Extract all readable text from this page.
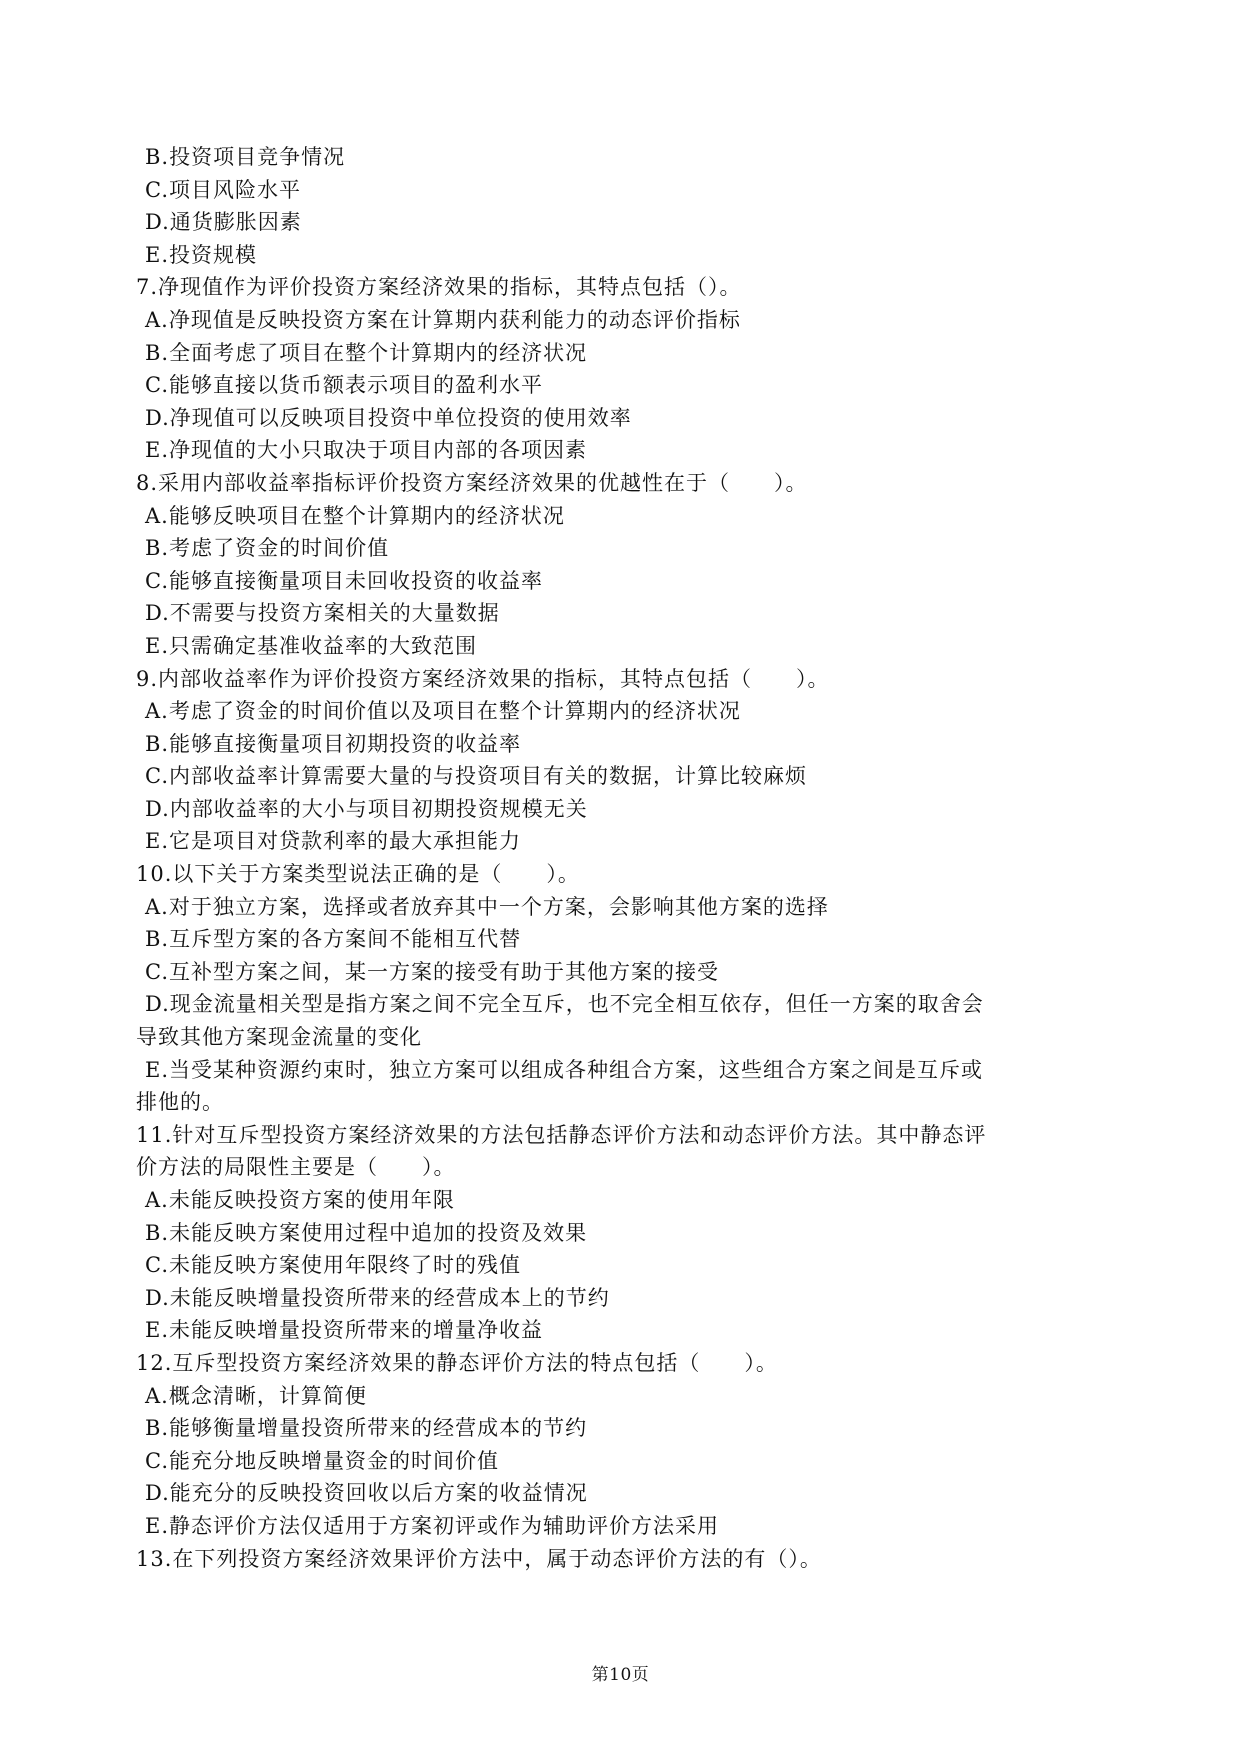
B.投资项目竞争情况
C.项目风险水平
D.通货膨胀因素
E.投资规模
7.净现值作为评价投资方案经济效果的指标，其特点包括（）。
A.净现值是反映投资方案在计算期内获利能力的动态评价指标
B.全面考虑了项目在整个计算期内的经济状况
C.能够直接以货币额表示项目的盈利水平
D.净现值可以反映项目投资中单位投资的使用效率
E.净现值的大小只取决于项目内部的各项因素
8.采用内部收益率指标评价投资方案经济效果的优越性在于（　　）。
A.能够反映项目在整个计算期内的经济状况
B.考虑了资金的时间价值
C.能够直接衡量项目未回收投资的收益率
D.不需要与投资方案相关的大量数据
E.只需确定基准收益率的大致范围
9.内部收益率作为评价投资方案经济效果的指标，其特点包括（　　）。
A.考虑了资金的时间价值以及项目在整个计算期内的经济状况
B.能够直接衡量项目初期投资的收益率
C.内部收益率计算需要大量的与投资项目有关的数据，计算比较麻烦
D.内部收益率的大小与项目初期投资规模无关
E.它是项目对贷款利率的最大承担能力
10.以下关于方案类型说法正确的是（　　）。
A.对于独立方案，选择或者放弃其中一个方案，会影响其他方案的选择
B.互斥型方案的各方案间不能相互代替
C.互补型方案之间，某一方案的接受有助于其他方案的接受
D.现金流量相关型是指方案之间不完全互斥，也不完全相互依存，但任一方案的取舍会
导致其他方案现金流量的变化
E.当受某种资源约束时，独立方案可以组成各种组合方案，这些组合方案之间是互斥或
排他的。
11.针对互斥型投资方案经济效果的方法包括静态评价方法和动态评价方法。其中静态评
价方法的局限性主要是（　　）。
A.未能反映投资方案的使用年限
B.未能反映方案使用过程中追加的投资及效果
C.未能反映方案使用年限终了时的残值
D.未能反映增量投资所带来的经营成本上的节约
E.未能反映增量投资所带来的增量净收益
12.互斥型投资方案经济效果的静态评价方法的特点包括（　　）。
A.概念清晰，计算简便
B.能够衡量增量投资所带来的经营成本的节约
C.能充分地反映增量资金的时间价值
D.能充分的反映投资回收以后方案的收益情况
E.静态评价方法仅适用于方案初评或作为辅助评价方法采用
13.在下列投资方案经济效果评价方法中，属于动态评价方法的有（）。
第10页
